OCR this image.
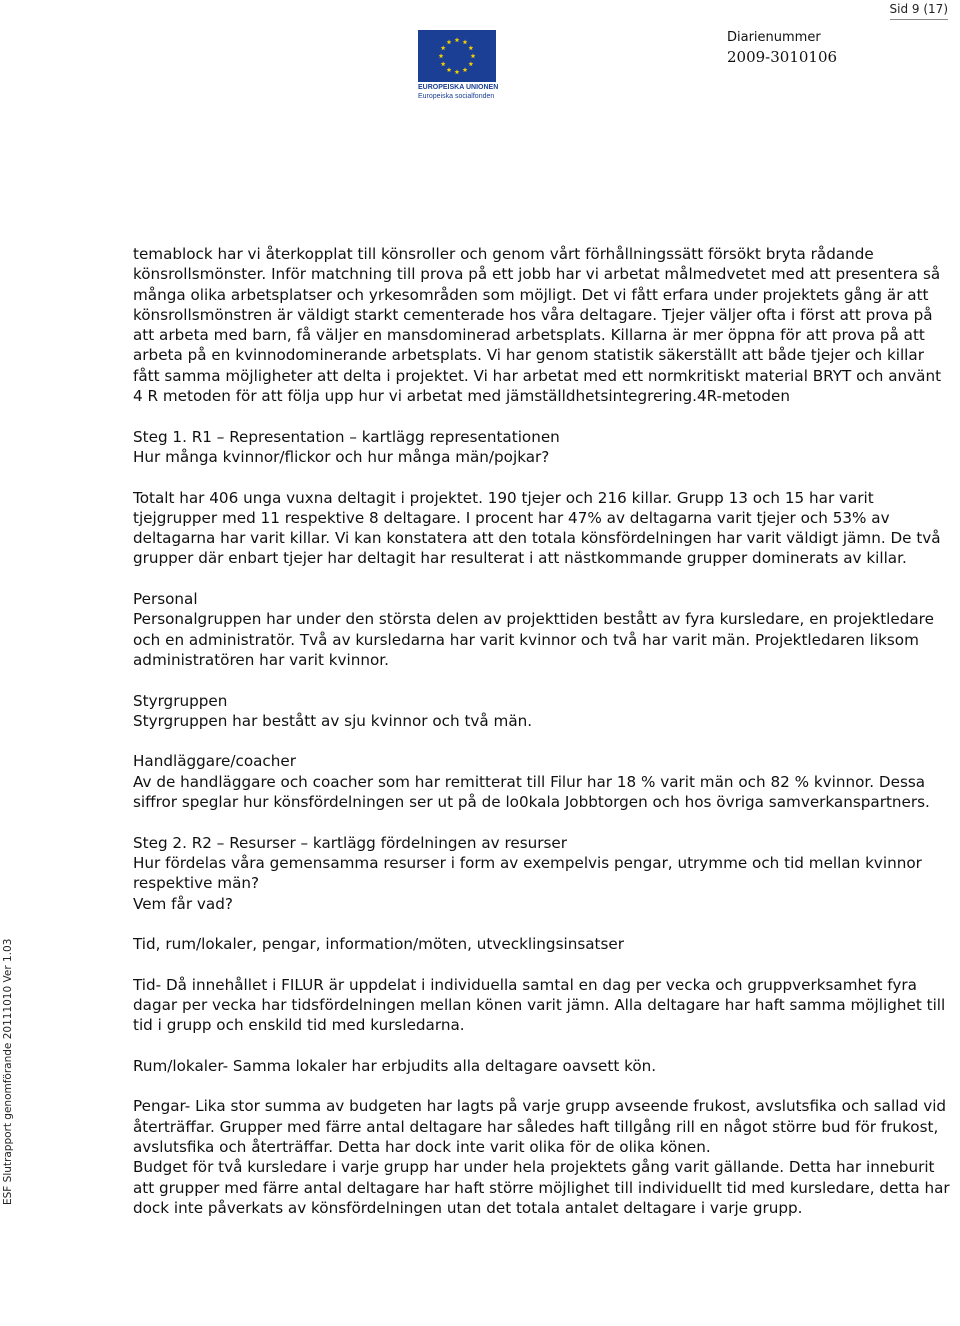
Sid 9 (17)
EUROPEISKA UNIONEN
Europeiska socialfonden
Diarienummer
2009-3010106
ESF Slutrapport genomförande 20111010 Ver 1.03

temablock har vi återkopplat till könsroller och genom vårt förhållningssätt försökt bryta rådande könsrollsmönster. Inför matchning till prova på ett jobb har vi arbetat målmedvetet med att presentera så många olika arbetsplatser och yrkesområden som möjligt. Det vi fått erfara under projektets gång är att könsrollsmönstren är väldigt starkt cementerade hos våra deltagare. Tjejer väljer ofta i först att prova på att arbeta med barn, få väljer en mansdominerad arbetsplats. Killarna är mer öppna för att prova på att arbeta på en kvinnodominerande arbetsplats. Vi har genom statistik säkerställt att både tjejer och killar fått samma möjligheter att delta i projektet. Vi har arbetat med ett normkritiskt material BRYT och använt 4 R metoden för att följa upp hur vi arbetat med jämställdhetsintegrering.4R-metoden

Steg 1. R1 – Representation – kartlägg representationen

Hur många kvinnor/flickor och hur många män/pojkar?

Totalt har 406 unga vuxna deltagit i projektet. 190 tjejer och 216 killar. Grupp 13 och 15 har varit tjejgrupper med 11 respektive 8 deltagare. I procent har 47% av deltagarna varit tjejer och 53% av deltagarna har varit killar. Vi kan konstatera att den totala könsfördelningen har varit väldigt jämn. De två grupper där enbart tjejer har deltagit har resulterat i att nästkommande grupper dominerats av killar.

Personal

Personalgruppen har under den största delen av projekttiden bestått av fyra kursledare, en projektledare och en administratör. Två av kursledarna har varit kvinnor och två har varit män. Projektledaren liksom administratören har varit kvinnor.

Styrgruppen

Styrgruppen har bestått av sju kvinnor och två män.

Handläggare/coacher

Av de handläggare och coacher som har remitterat till Filur har 18 % varit män och 82 % kvinnor. Dessa siffror speglar hur könsfördelningen ser ut på de lo0kala Jobbtorgen och hos övriga samverkanspartners.

Steg 2. R2 – Resurser – kartlägg fördelningen av resurser

Hur fördelas våra gemensamma resurser i form av exempelvis pengar, utrymme och tid mellan kvinnor respektive män?

Vem får vad?

Tid, rum/lokaler, pengar, information/möten, utvecklingsinsatser

Tid- Då innehållet i FILUR är uppdelat i individuella samtal en dag per vecka och gruppverksamhet fyra dagar per vecka har tidsfördelningen mellan könen varit jämn. Alla deltagare har haft samma möjlighet till tid i grupp och enskild tid med kursledarna.

Rum/lokaler- Samma lokaler har erbjudits alla deltagare oavsett kön.

Pengar- Lika stor summa av budgeten har lagts på varje grupp avseende frukost, avslutsfika och sallad vid återträffar. Grupper med färre antal deltagare har således haft tillgång rill en något större bud för frukost, avslutsfika och återträffar. Detta har dock inte varit olika för de olika könen.

Budget för två kursledare i varje grupp har under hela projektets gång varit gällande. Detta har inneburit att grupper med färre antal deltagare har haft större möjlighet till individuellt tid med kursledare, detta har dock inte påverkats av könsfördelningen utan det totala antalet deltagare i varje grupp.
